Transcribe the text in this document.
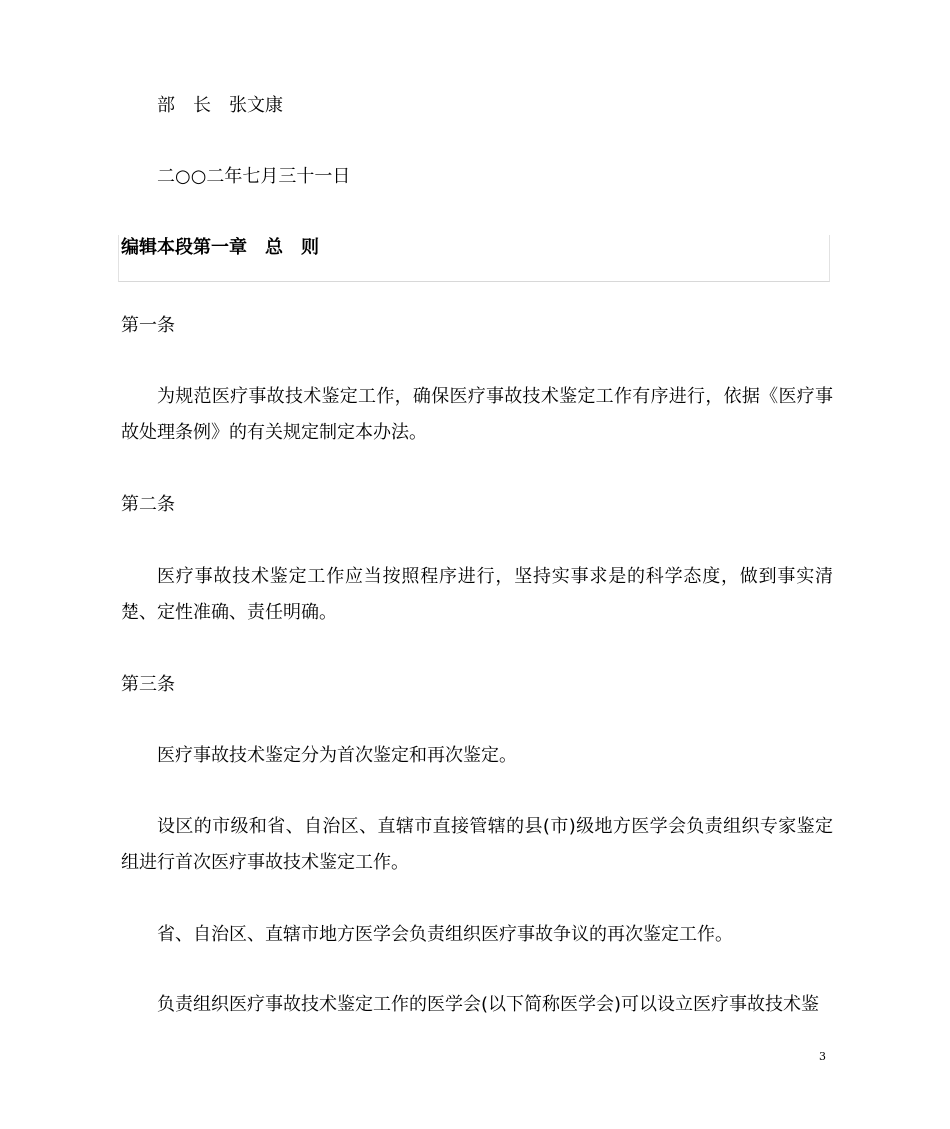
部　长　张文康
二○○二年七月三十一日
编辑本段第一章　总　则
第一条
为规范医疗事故技术鉴定工作，确保医疗事故技术鉴定工作有序进行，依据《医疗事故处理条例》的有关规定制定本办法。
第二条
医疗事故技术鉴定工作应当按照程序进行，坚持实事求是的科学态度，做到事实清楚、定性准确、责任明确。
第三条
医疗事故技术鉴定分为首次鉴定和再次鉴定。
设区的市级和省、自治区、直辖市直接管辖的县(市)级地方医学会负责组织专家鉴定组进行首次医疗事故技术鉴定工作。
省、自治区、直辖市地方医学会负责组织医疗事故争议的再次鉴定工作。
负责组织医疗事故技术鉴定工作的医学会(以下简称医学会)可以设立医疗事故技术鉴
3
